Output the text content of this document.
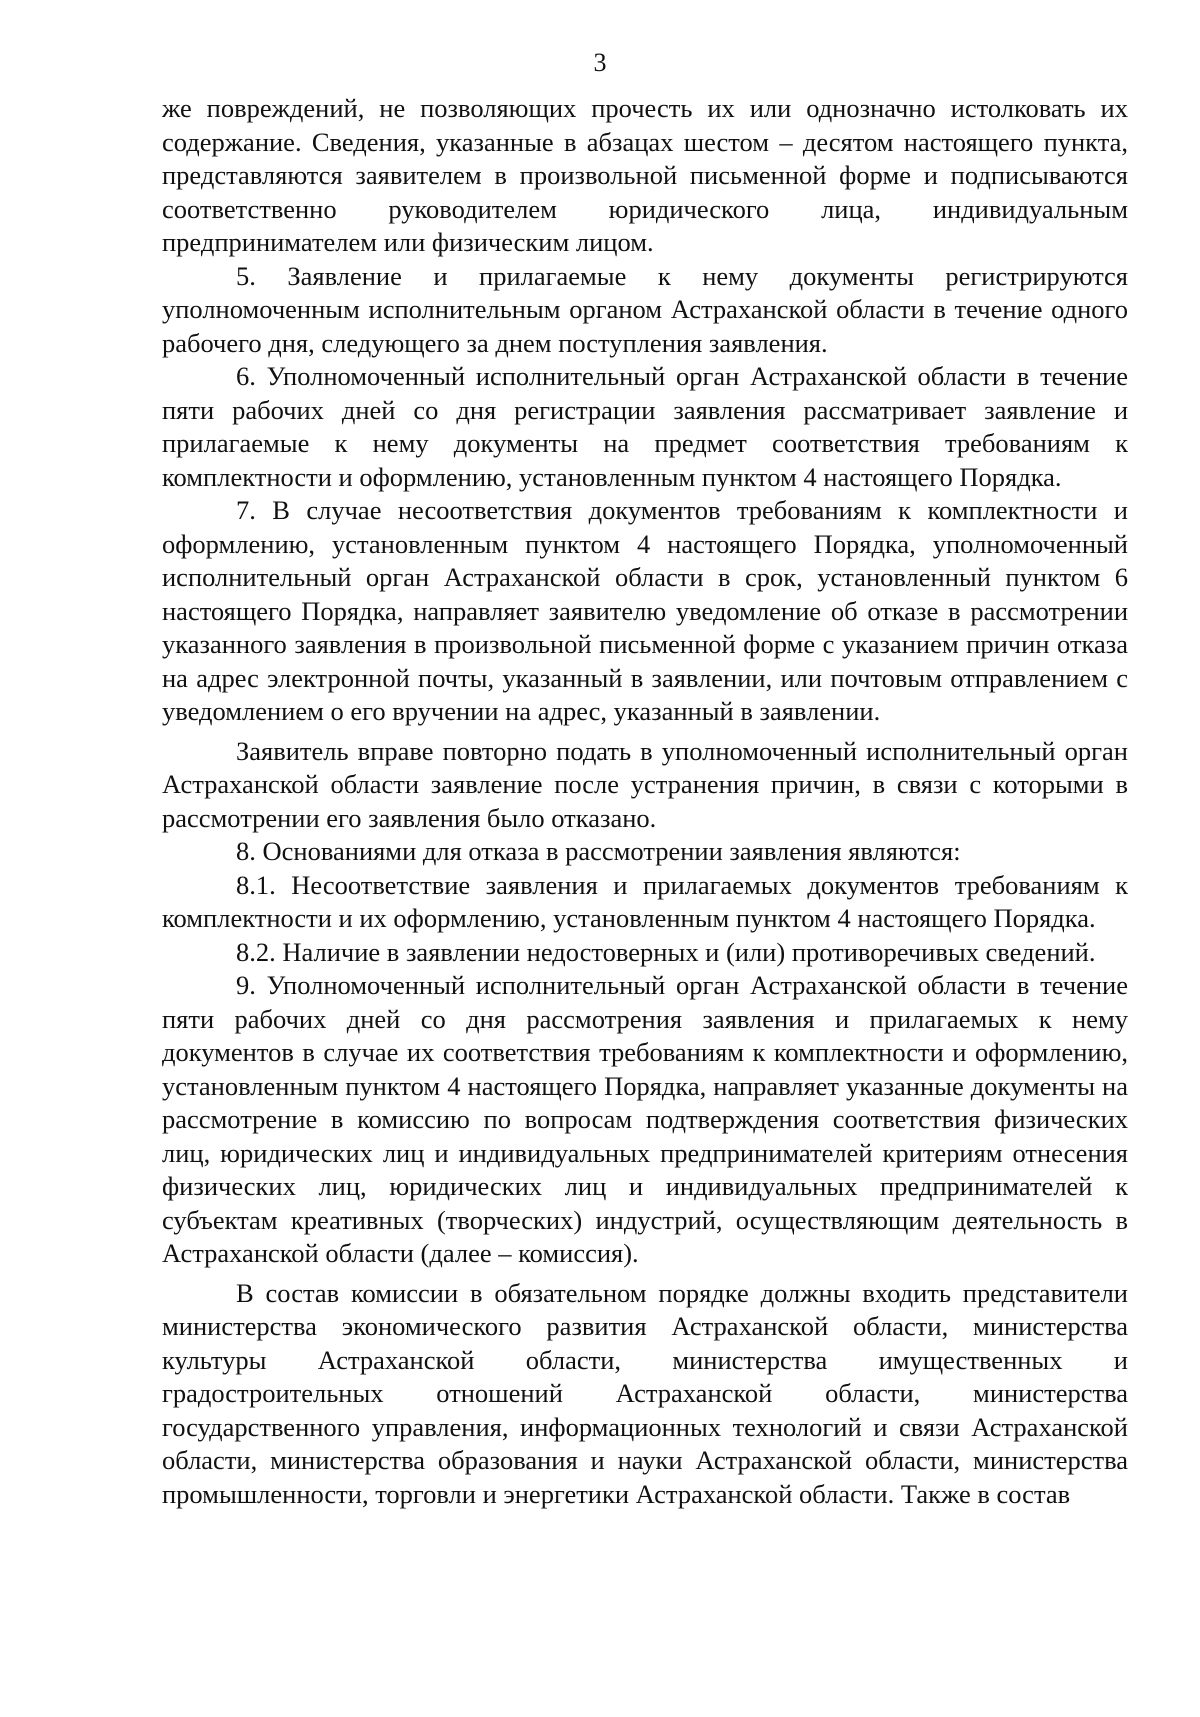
3

же повреждений, не позволяющих прочесть их или однозначно истолковать их содержание. Сведения, указанные в абзацах шестом – десятом настоящего пункта, представляются заявителем в произвольной письменной форме и подписываются соответственно руководителем юридического лица, индивидуальным предпринимателем или физическим лицом.

5. Заявление и прилагаемые к нему документы регистрируются уполномоченным исполнительным органом Астраханской области в течение одного рабочего дня, следующего за днем поступления заявления.

6. Уполномоченный исполнительный орган Астраханской области в течение пяти рабочих дней со дня регистрации заявления рассматривает заявление и прилагаемые к нему документы на предмет соответствия требованиям к комплектности и оформлению, установленным пунктом 4 настоящего Порядка.

7. В случае несоответствия документов требованиям к комплектности и оформлению, установленным пунктом 4 настоящего Порядка, уполномоченный исполнительный орган Астраханской области в срок, установленный пунктом 6 настоящего Порядка, направляет заявителю уведомление об отказе в рассмотрении указанного заявления в произвольной письменной форме с указанием причин отказа на адрес электронной почты, указанный в заявлении, или почтовым отправлением с уведомлением о его вручении на адрес, указанный в заявлении.

Заявитель вправе повторно подать в уполномоченный исполнительный орган Астраханской области заявление после устранения причин, в связи с которыми в рассмотрении его заявления было отказано.

8. Основаниями для отказа в рассмотрении заявления являются:

8.1. Несоответствие заявления и прилагаемых документов требованиям к комплектности и их оформлению, установленным пунктом 4 настоящего Порядка.

8.2. Наличие в заявлении недостоверных и (или) противоречивых сведений.

9. Уполномоченный исполнительный орган Астраханской области в течение пяти рабочих дней со дня рассмотрения заявления и прилагаемых к нему документов в случае их соответствия требованиям к комплектности и оформлению, установленным пунктом 4 настоящего Порядка, направляет указанные документы на рассмотрение в комиссию по вопросам подтверждения соответствия физических лиц, юридических лиц и индивидуальных предпринимателей критериям отнесения физических лиц, юридических лиц и индивидуальных предпринимателей к субъектам креативных (творческих) индустрий, осуществляющим деятельность в Астраханской области (далее – комиссия).

В состав комиссии в обязательном порядке должны входить представители министерства экономического развития Астраханской области, министерства культуры Астраханской области, министерства имущественных и градостроительных отношений Астраханской области, министерства государственного управления, информационных технологий и связи Астраханской области, министерства образования и науки Астраханской области, министерства промышленности, торговли и энергетики Астраханской области. Также в состав
